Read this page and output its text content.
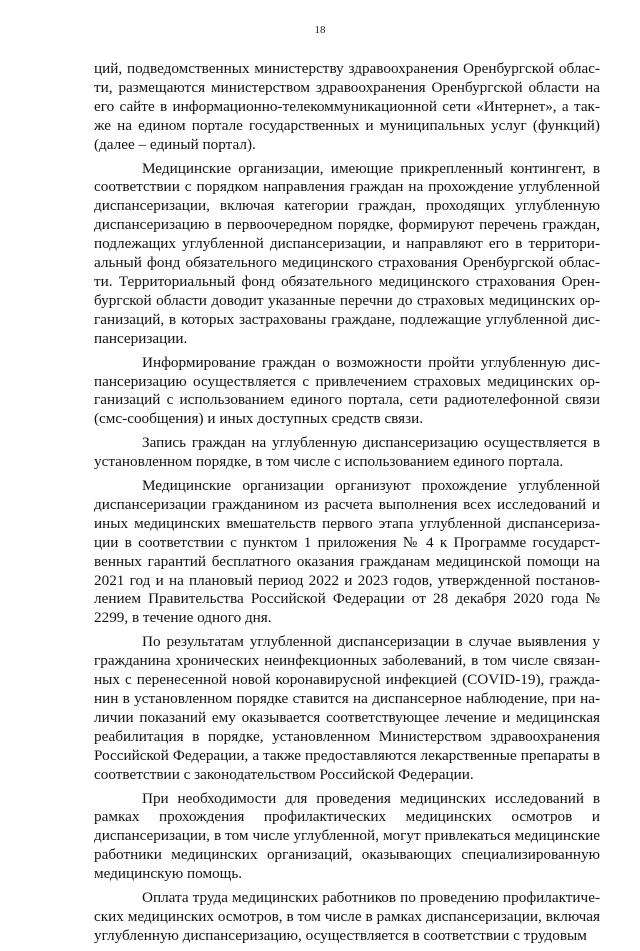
18

ций, подведомственных министерству здравоохранения Оренбургской области, размещаются министерством здравоохранения Оренбургской области на его сайте в информационно-телекоммуникационной сети «Интернет», а также на едином портале государственных и муниципальных услуг (функций) (далее – единый портал).

Медицинские организации, имеющие прикрепленный контингент, в соответствии с порядком направления граждан на прохождение углубленной диспансеризации, включая категории граждан, проходящих углубленную диспансеризацию в первоочередном порядке, формируют перечень граждан, подлежащих углубленной диспансеризации, и направляют его в территориальный фонд обязательного медицинского страхования Оренбургской области. Территориальный фонд обязательного медицинского страхования Оренбургской области доводит указанные перечни до страховых медицинских организаций, в которых застрахованы граждане, подлежащие углубленной диспансеризации.

Информирование граждан о возможности пройти углубленную диспансеризацию осуществляется с привлечением страховых медицинских организаций с использованием единого портала, сети радиотелефонной связи (смс-сообщения) и иных доступных средств связи.

Запись граждан на углубленную диспансеризацию осуществляется в установленном порядке, в том числе с использованием единого портала.

Медицинские организации организуют прохождение углубленной диспансеризации гражданином из расчета выполнения всех исследований и иных медицинских вмешательств первого этапа углубленной диспансеризации в соответствии с пунктом 1 приложения № 4 к Программе государственных гарантий бесплатного оказания гражданам медицинской помощи на 2021 год и на плановый период 2022 и 2023 годов, утвержденной постановлением Правительства Российской Федерации от 28 декабря 2020 года № 2299, в течение одного дня.

По результатам углубленной диспансеризации в случае выявления у гражданина хронических неинфекционных заболеваний, в том числе связанных с перенесенной новой коронавирусной инфекцией (COVID-19), гражданин в установленном порядке ставится на диспансерное наблюдение, при наличии показаний ему оказывается соответствующее лечение и медицинская реабилитация в порядке, установленном Министерством здравоохранения Российской Федерации, а также предоставляются лекарственные препараты в соответствии с законодательством Российской Федерации.

При необходимости для проведения медицинских исследований в рамках прохождения профилактических медицинских осмотров и диспансеризации, в том числе углубленной, могут привлекаться медицинские работники медицинских организаций, оказывающих специализированную медицинскую помощь.

Оплата труда медицинских работников по проведению профилактических медицинских осмотров, в том числе в рамках диспансеризации, включая углубленную диспансеризацию, осуществляется в соответствии с трудовым
